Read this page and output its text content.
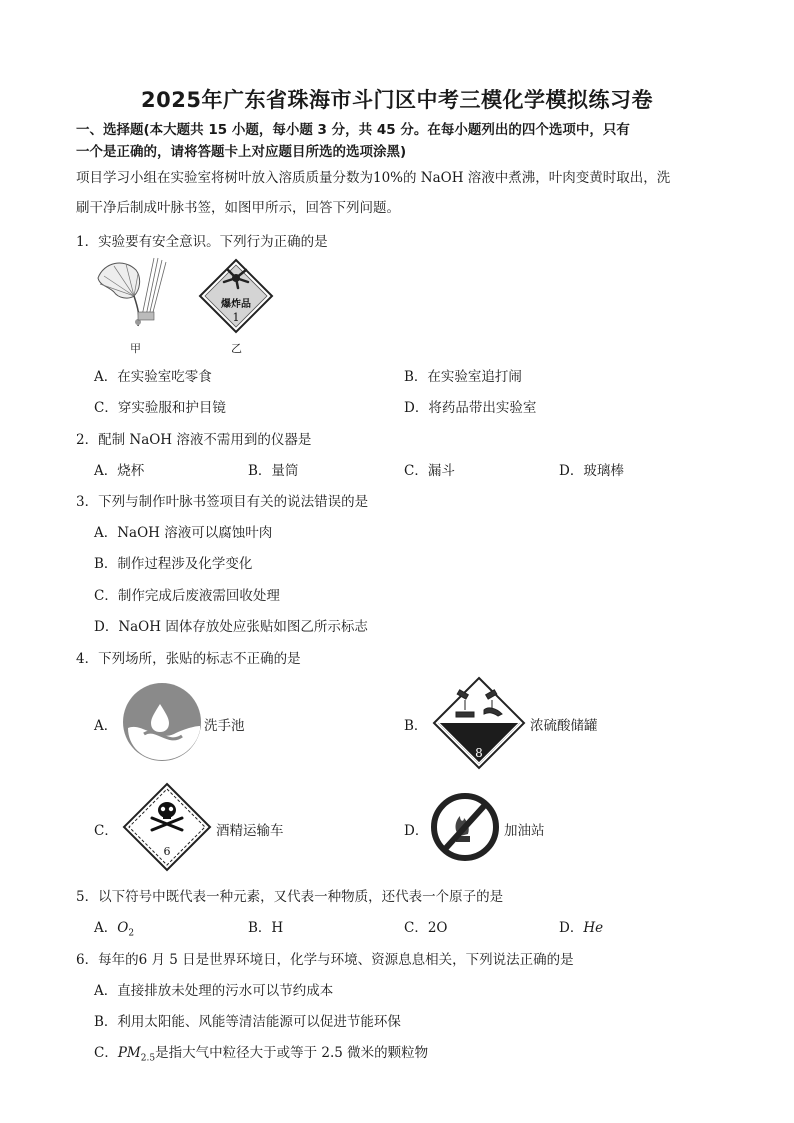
2025年广东省珠海市斗门区中考三模化学模拟练习卷
一、选择题(本大题共 15 小题，每小题 3 分，共 45 分。在每小题列出的四个选项中，只有
一个是正确的，请将答题卡上对应题目所选的选项涂黑)
项目学习小组在实验室将树叶放入溶质质量分数为10%的 NaOH 溶液中煮沸，叶肉变黄时取出，洗
刷干净后制成叶脉书签，如图甲所示，回答下列问题。
1．实验要有安全意识。下列行为正确的是
甲
爆炸品
1
乙
A．在实验室吃零食	B．在实验室追打闹
C．穿实验服和护目镜	D．将药品带出实验室
2．配制 NaOH 溶液不需用到的仪器是
A．烧杯	B．量筒	C．漏斗	D．玻璃棒
3．下列与制作叶脉书签项目有关的说法错误的是
A．NaOH 溶液可以腐蚀叶肉
B．制作过程涉及化学变化
C．制作完成后废液需回收处理
D．NaOH 固体存放处应张贴如图乙所示标志
4．下列场所，张贴的标志不正确的是
A．	洗手池	B．
8
浓硫酸储罐
C．
6
酒精运输车	D．	加油站
5．以下符号中既代表一种元素，又代表一种物质，还代表一个原子的是
A．$O_2$	B．H	C．2O	D．He
6．每年的6 月 5 日是世界环境日，化学与环境、资源息息相关，下列说法正确的是
A．直接排放未处理的污水可以节约成本
B．利用太阳能、风能等清洁能源可以促进节能环保
C．$PM_{2.5}$是指大气中粒径大于或等于 2.5 微米的颗粒物
